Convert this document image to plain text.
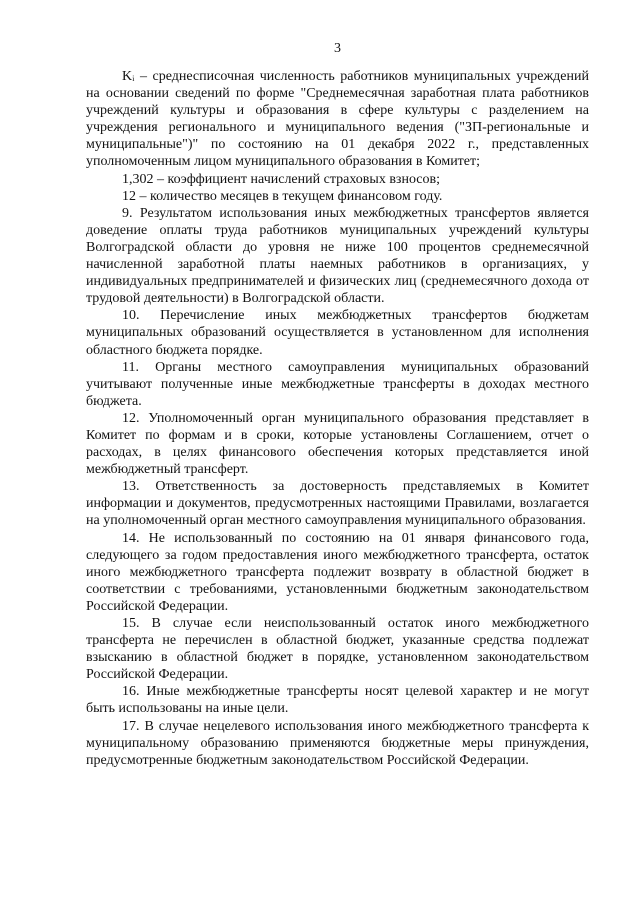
3

Kᵢ – среднесписочная численность работников муниципальных учреждений на основании сведений по форме "Среднемесячная заработная плата работников учреждений культуры и образования в сфере культуры с разделением на учреждения регионального и муниципального ведения ("ЗП-региональные и муниципальные")" по состоянию на 01 декабря 2022 г., представленных уполномоченным лицом муниципального образования в Комитет;

1,302 – коэффициент начислений страховых взносов;

12 – количество месяцев в текущем финансовом году.

9. Результатом использования иных межбюджетных трансфертов является доведение оплаты труда работников муниципальных учреждений культуры Волгоградской области до уровня не ниже 100 процентов среднемесячной начисленной заработной платы наемных работников в организациях, у индивидуальных предпринимателей и физических лиц (среднемесячного дохода от трудовой деятельности) в Волгоградской области.

10. Перечисление иных межбюджетных трансфертов бюджетам муниципальных образований осуществляется в установленном для исполнения областного бюджета порядке.

11. Органы местного самоуправления муниципальных образований учитывают полученные иные межбюджетные трансферты в доходах местного бюджета.

12. Уполномоченный орган муниципального образования представляет в Комитет по формам и в сроки, которые установлены Соглашением, отчет о расходах, в целях финансового обеспечения которых представляется иной межбюджетный трансферт.

13. Ответственность за достоверность представляемых в Комитет информации и документов, предусмотренных настоящими Правилами, возлагается на уполномоченный орган местного самоуправления муниципального образования.

14. Не использованный по состоянию на 01 января финансового года, следующего за годом предоставления иного межбюджетного трансферта, остаток иного межбюджетного трансферта подлежит возврату в областной бюджет в соответствии с требованиями, установленными бюджетным законодательством Российской Федерации.

15. В случае если неиспользованный остаток иного межбюджетного трансферта не перечислен в областной бюджет, указанные средства подлежат взысканию в областной бюджет в порядке, установленном законодательством Российской Федерации.

16. Иные межбюджетные трансферты носят целевой характер и не могут быть использованы на иные цели.

17. В случае нецелевого использования иного межбюджетного трансферта к муниципальному образованию применяются бюджетные меры принуждения, предусмотренные бюджетным законодательством Российской Федерации.
